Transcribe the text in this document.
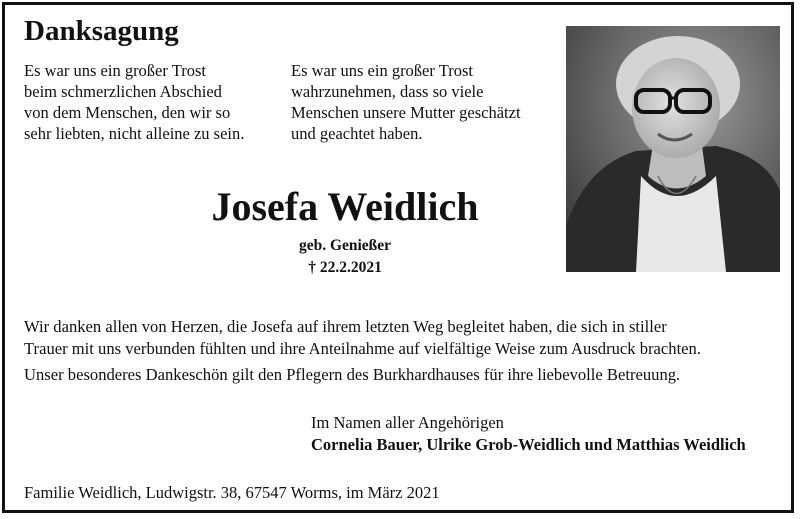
Danksagung

Es war uns ein großer Trost
beim schmerzlichen Abschied
von dem Menschen, den wir so
sehr liebten, nicht alleine zu sein.

Es war uns ein großer Trost
wahrzunehmen, dass so viele
Menschen unsere Mutter geschätzt
und geachtet haben.

Josefa Weidlich
geb. Genießer
† 22.2.2021

Wir danken allen von Herzen, die Josefa auf ihrem letzten Weg begleitet haben, die sich in stiller
Trauer mit uns verbunden fühlten und ihre Anteilnahme auf vielfältige Weise zum Ausdruck brachten.

Unser besonderes Dankeschön gilt den Pflegern des Burkhardhauses für ihre liebevolle Betreuung.

Im Namen aller Angehörigen
Cornelia Bauer, Ulrike Grob-Weidlich und Matthias Weidlich
Familie Weidlich, Ludwigstr. 38, 67547 Worms, im März 2021
